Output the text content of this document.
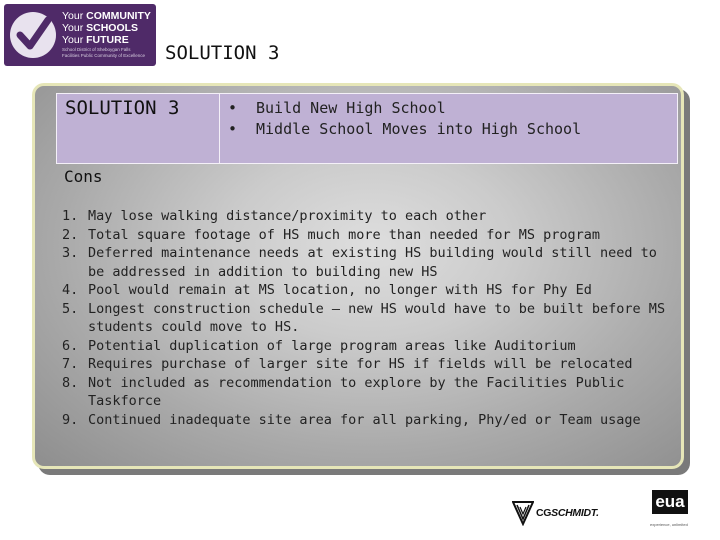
Your COMMUNITY
Your SCHOOLS
Your FUTURE
School District of Sheboygan Falls
Facilities Public Community of Excellence	SOLUTION 3
SOLUTION 3	•	Build New High School
•	Middle School Moves into High School
Cons
1. May lose walking distance/proximity to each other
2. Total square footage of HS much more than needed for MS program
3. Deferred maintenance needs at existing HS building would still need to be addressed in addition to building new HS
4. Pool would remain at MS location, no longer with HS for Phy Ed
5. Longest construction schedule – new HS would have to be built before MS students could move to HS.
6. Potential duplication of large program areas like Auditorium
7. Requires purchase of larger site for HS if fields will be relocated
8. Not included as recommendation to explore by the Facilities Public Taskforce
9. Continued inadequate site area for all parking, Phy/ed or Team usage
CGSCHMIDT.
eua
experience, unlimited
